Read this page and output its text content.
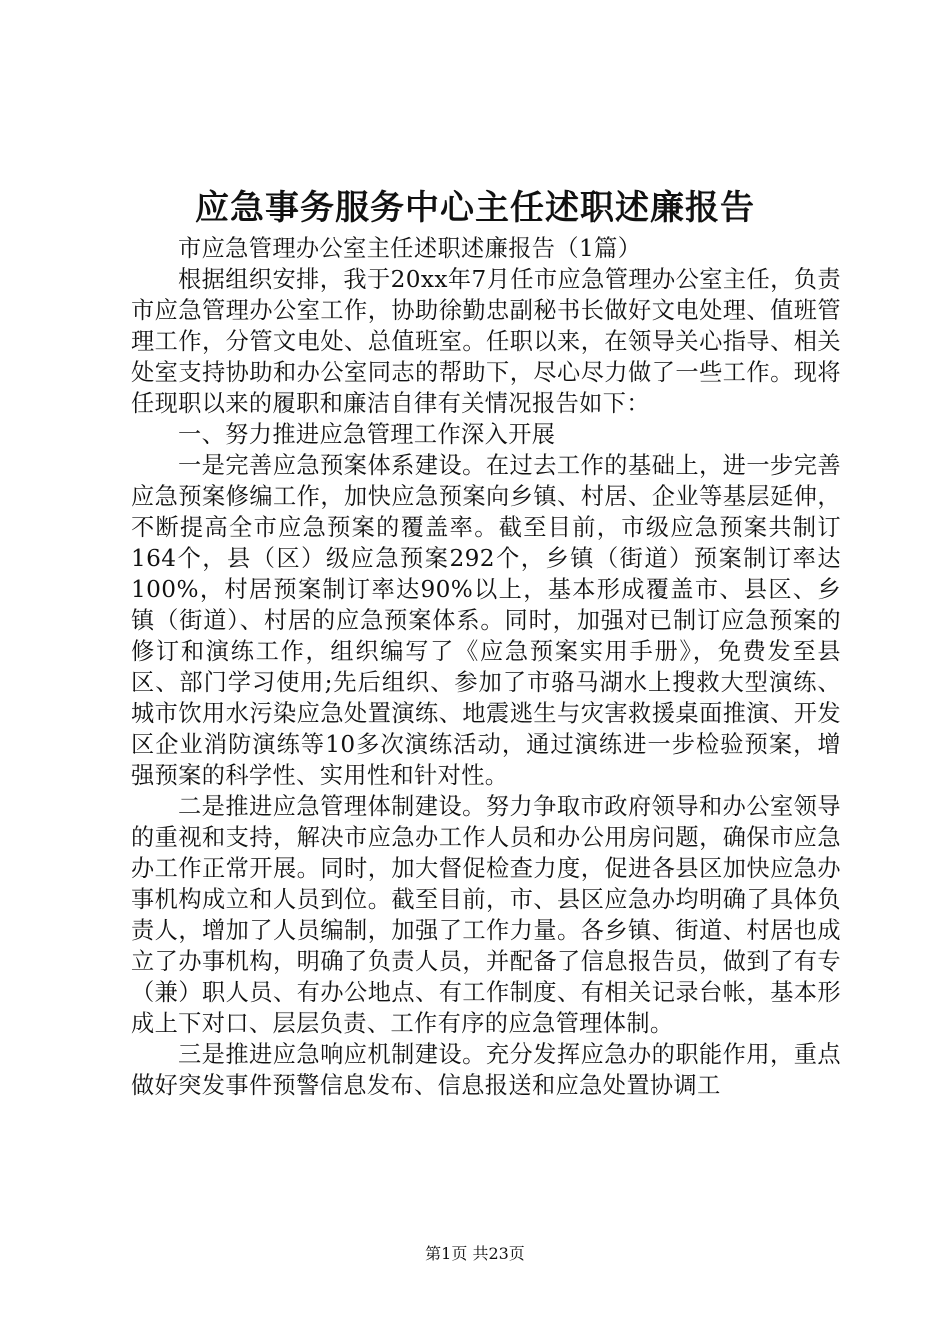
应急事务服务中心主任述职述廉报告

市应急管理办公室主任述职述廉报告（1篇）

根据组织安排，我于20xx年7月任市应急管理办公室主任，负责市应急管理办公室工作，协助徐勤忠副秘书长做好文电处理、值班管理工作，分管文电处、总值班室。任职以来，在领导关心指导、相关处室支持协助和办公室同志的帮助下，尽心尽力做了一些工作。现将任现职以来的履职和廉洁自律有关情况报告如下：

一、努力推进应急管理工作深入开展

一是完善应急预案体系建设。在过去工作的基础上，进一步完善应急预案修编工作，加快应急预案向乡镇、村居、企业等基层延伸，不断提高全市应急预案的覆盖率。截至目前，市级应急预案共制订164个，县（区）级应急预案292个，乡镇（街道）预案制订率达100%，村居预案制订率达90%以上，基本形成覆盖市、县区、乡镇（街道）、村居的应急预案体系。同时，加强对已制订应急预案的修订和演练工作，组织编写了《应急预案实用手册》，免费发至县区、部门学习使用;先后组织、参加了市骆马湖水上搜救大型演练、城市饮用水污染应急处置演练、地震逃生与灾害救援桌面推演、开发区企业消防演练等10多次演练活动，通过演练进一步检验预案，增强预案的科学性、实用性和针对性。

二是推进应急管理体制建设。努力争取市政府领导和办公室领导的重视和支持，解决市应急办工作人员和办公用房问题，确保市应急办工作正常开展。同时，加大督促检查力度，促进各县区加快应急办事机构成立和人员到位。截至目前，市、县区应急办均明确了具体负责人，增加了人员编制，加强了工作力量。各乡镇、街道、村居也成立了办事机构，明确了负责人员，并配备了信息报告员，做到了有专（兼）职人员、有办公地点、有工作制度、有相关记录台帐，基本形成上下对口、层层负责、工作有序的应急管理体制。

三是推进应急响应机制建设。充分发挥应急办的职能作用，重点做好突发事件预警信息发布、信息报送和应急处置协调工

第1页 共23页
